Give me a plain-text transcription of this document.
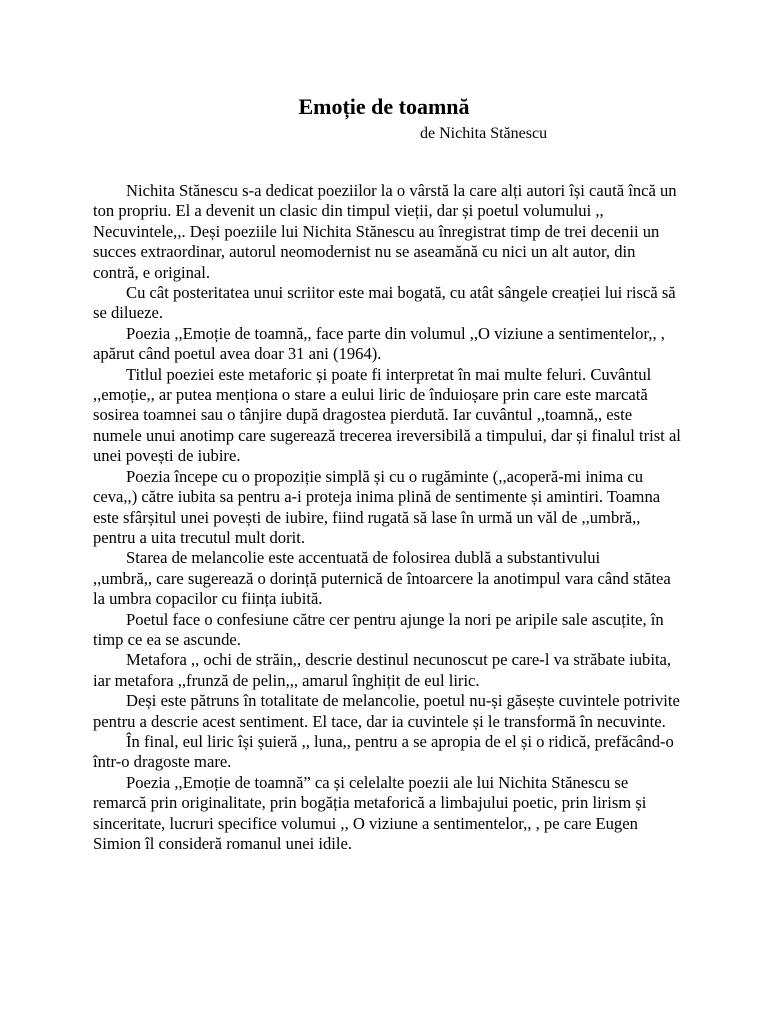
Emoție de toamnă
de Nichita Stănescu

Nichita Stănescu s-a dedicat poeziilor la o vârstă la care alți autori își caută încă un ton propriu. El a devenit un clasic din timpul vieții, dar și poetul volumului ,, Necuvintele,,. Deși poeziile lui Nichita Stănescu au înregistrat timp de trei decenii un succes extraordinar, autorul neomodernist nu se aseamănă cu nici un alt autor, din contră, e original.

Cu cât posteritatea unui scriitor este mai bogată, cu atât sângele creației lui riscă să se dilueze.

Poezia ,,Emoție de toamnă,, face parte din volumul ,,O viziune a sentimentelor,, , apărut când poetul avea doar 31 ani (1964).

Titlul poeziei este metaforic și poate fi interpretat în mai multe feluri. Cuvântul ,,emoție,, ar putea menționa o stare a eului liric de înduioșare prin care este marcată sosirea toamnei sau o tânjire după dragostea pierdută. Iar cuvântul ,,toamnă,, este numele unui anotimp care sugerează trecerea ireversibilă a timpului, dar și finalul trist al unei povești de iubire.

Poezia începe cu o propoziție simplă și cu o rugăminte (,,acoperă-mi inima cu ceva,,) către iubita sa pentru a-i proteja inima plină de sentimente și amintiri. Toamna este sfârșitul unei povești de iubire, fiind rugată să lase în urmă un văl de ,,umbră,, pentru a uita trecutul mult dorit.

Starea de melancolie este accentuată de folosirea dublă a substantivului       ,,umbră,, care sugerează o dorință puternică de întoarcere la anotimpul vara când stătea la umbra copacilor cu ființa iubită.

Poetul face o confesiune către cer pentru ajunge la nori pe aripile sale ascuțite, în timp ce ea se ascunde.

Metafora ,, ochi de străin,, descrie destinul necunoscut pe care-l va străbate iubita, iar metafora ,,frunză de pelin,,, amarul înghițit de eul liric.

Deși este pătruns în totalitate de melancolie, poetul nu-și găsește cuvintele potrivite pentru a descrie acest sentiment. El tace, dar ia cuvintele și le transformă în necuvinte.

În final, eul liric își șuieră ,, luna,, pentru a se apropia de el și o ridică, prefăcând-o într-o dragoste mare.

Poezia ,,Emoție de toamnă” ca și celelalte poezii ale lui Nichita Stănescu se remarcă prin originalitate, prin bogăția metaforică a limbajului poetic, prin lirism și sinceritate, lucruri specifice volumui ,, O viziune a sentimentelor,, , pe care Eugen Simion îl consideră romanul unei idile.
